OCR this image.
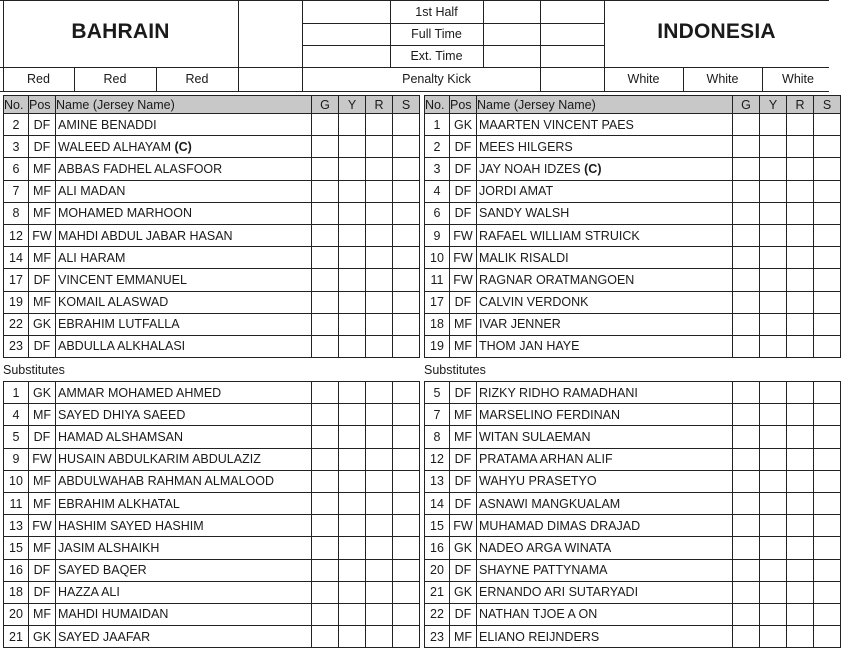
BAHRAIN	INDONESIA
1st Half
Full Time
Ext. Time
Penalty Kick
Red	Red	Red	White	White	White
No.	Pos	Name (Jersey Name)	G	Y	R	S
2	DF	AMINE BENADDI				
3	DF	WALEED ALHAYAM (C)				
6	MF	ABBAS FADHEL ALASFOOR				
7	MF	ALI MADAN				
8	MF	MOHAMED MARHOON				
12	FW	MAHDI ABDUL JABAR HASAN				
14	MF	ALI HARAM				
17	DF	VINCENT EMMANUEL				
19	MF	KOMAIL ALASWAD				
22	GK	EBRAHIM LUTFALLA				
23	DF	ABDULLA ALKHALASI				
No.	Pos	Name (Jersey Name)	G	Y	R	S
1	GK	MAARTEN VINCENT PAES				
2	DF	MEES HILGERS				
3	DF	JAY NOAH IDZES (C)				
4	DF	JORDI AMAT				
6	DF	SANDY WALSH				
9	FW	RAFAEL WILLIAM STRUICK				
10	FW	MALIK RISALDI				
11	FW	RAGNAR ORATMANGOEN				
17	DF	CALVIN VERDONK				
18	MF	IVAR JENNER				
19	MF	THOM JAN HAYE				
Substitutes	Substitutes
1	GK	AMMAR MOHAMED AHMED				
4	MF	SAYED DHIYA SAEED				
5	DF	HAMAD ALSHAMSAN				
9	FW	HUSAIN ABDULKARIM ABDULAZIZ				
10	MF	ABDULWAHAB RAHMAN ALMALOOD				
11	MF	EBRAHIM ALKHATAL				
13	FW	HASHIM SAYED HASHIM				
15	MF	JASIM ALSHAIKH				
16	DF	SAYED BAQER				
18	DF	HAZZA ALI				
20	MF	MAHDI HUMAIDAN				
21	GK	SAYED JAAFAR				
5	DF	RIZKY RIDHO RAMADHANI				
7	MF	MARSELINO FERDINAN				
8	MF	WITAN SULAEMAN				
12	DF	PRATAMA ARHAN ALIF				
13	DF	WAHYU PRASETYO				
14	DF	ASNAWI MANGKUALAM				
15	FW	MUHAMAD DIMAS DRAJAD				
16	GK	NADEO ARGA WINATA				
20	DF	SHAYNE PATTYNAMA				
21	GK	ERNANDO ARI SUTARYADI				
22	DF	NATHAN TJOE A ON				
23	MF	ELIANO REIJNDERS				
